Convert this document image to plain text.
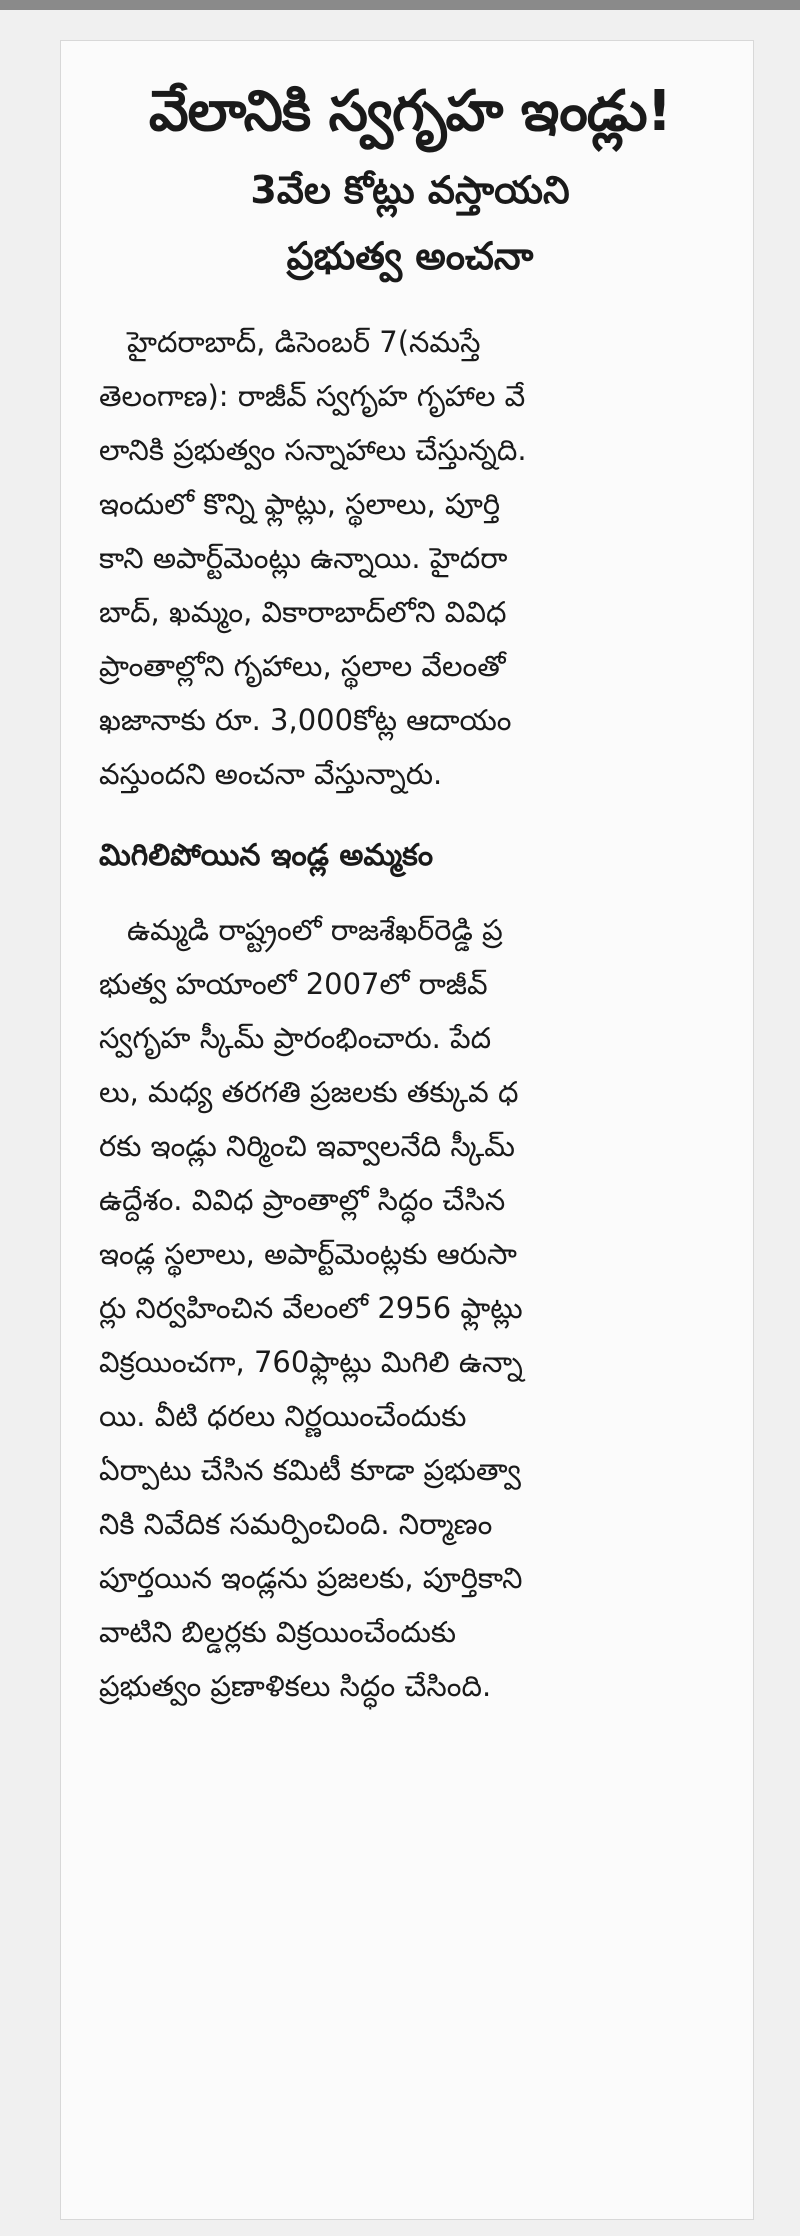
వేలానికి స్వగృహ ఇండ్లు!
3వేల కోట్లు వస్తాయని
ప్రభుత్వ అంచనా
హైదరాబాద్, డిసెంబర్ 7(నమస్తే
తెలంగాణ): రాజీవ్ స్వగృహ గృహాల వే
లానికి ప్రభుత్వం సన్నాహాలు చేస్తున్నది.
ఇందులో కొన్ని ఫ్లాట్లు, స్థలాలు, పూర్తి
కాని అపార్ట్‌మెంట్లు ఉన్నాయి. హైదరా
బాద్, ఖమ్మం, వికారాబాద్‌లోని వివిధ
ప్రాంతాల్లోని గృహాలు, స్థలాల వేలంతో
ఖజానాకు రూ. 3,000కోట్ల ఆదాయం
వస్తుందని అంచనా వేస్తున్నారు.
మిగిలిపోయిన ఇండ్ల అమ్మకం
ఉమ్మడి రాష్ట్రంలో రాజశేఖర్‌రెడ్డి ప్ర
భుత్వ హయాంలో 2007లో రాజీవ్
స్వగృహ స్కీమ్ ప్రారంభించారు. పేద
లు, మధ్య తరగతి ప్రజలకు తక్కువ ధ
రకు ఇండ్లు నిర్మించి ఇవ్వాలనేది స్కీమ్
ఉద్దేశం. వివిధ ప్రాంతాల్లో సిద్ధం చేసిన
ఇండ్ల స్థలాలు, అపార్ట్‌మెంట్లకు ఆరుసా
ర్లు నిర్వహించిన వేలంలో 2956 ఫ్లాట్లు
విక్రయించగా, 760ఫ్లాట్లు మిగిలి ఉన్నా
యి. వీటి ధరలు నిర్ణయించేందుకు
ఏర్పాటు చేసిన కమిటీ కూడా ప్రభుత్వా
నికి నివేదిక సమర్పించింది. నిర్మాణం
పూర్తయిన ఇండ్లను ప్రజలకు, పూర్తికాని
వాటిని బిల్డర్లకు విక్రయించేందుకు
ప్రభుత్వం ప్రణాళికలు సిద్ధం చేసింది.
